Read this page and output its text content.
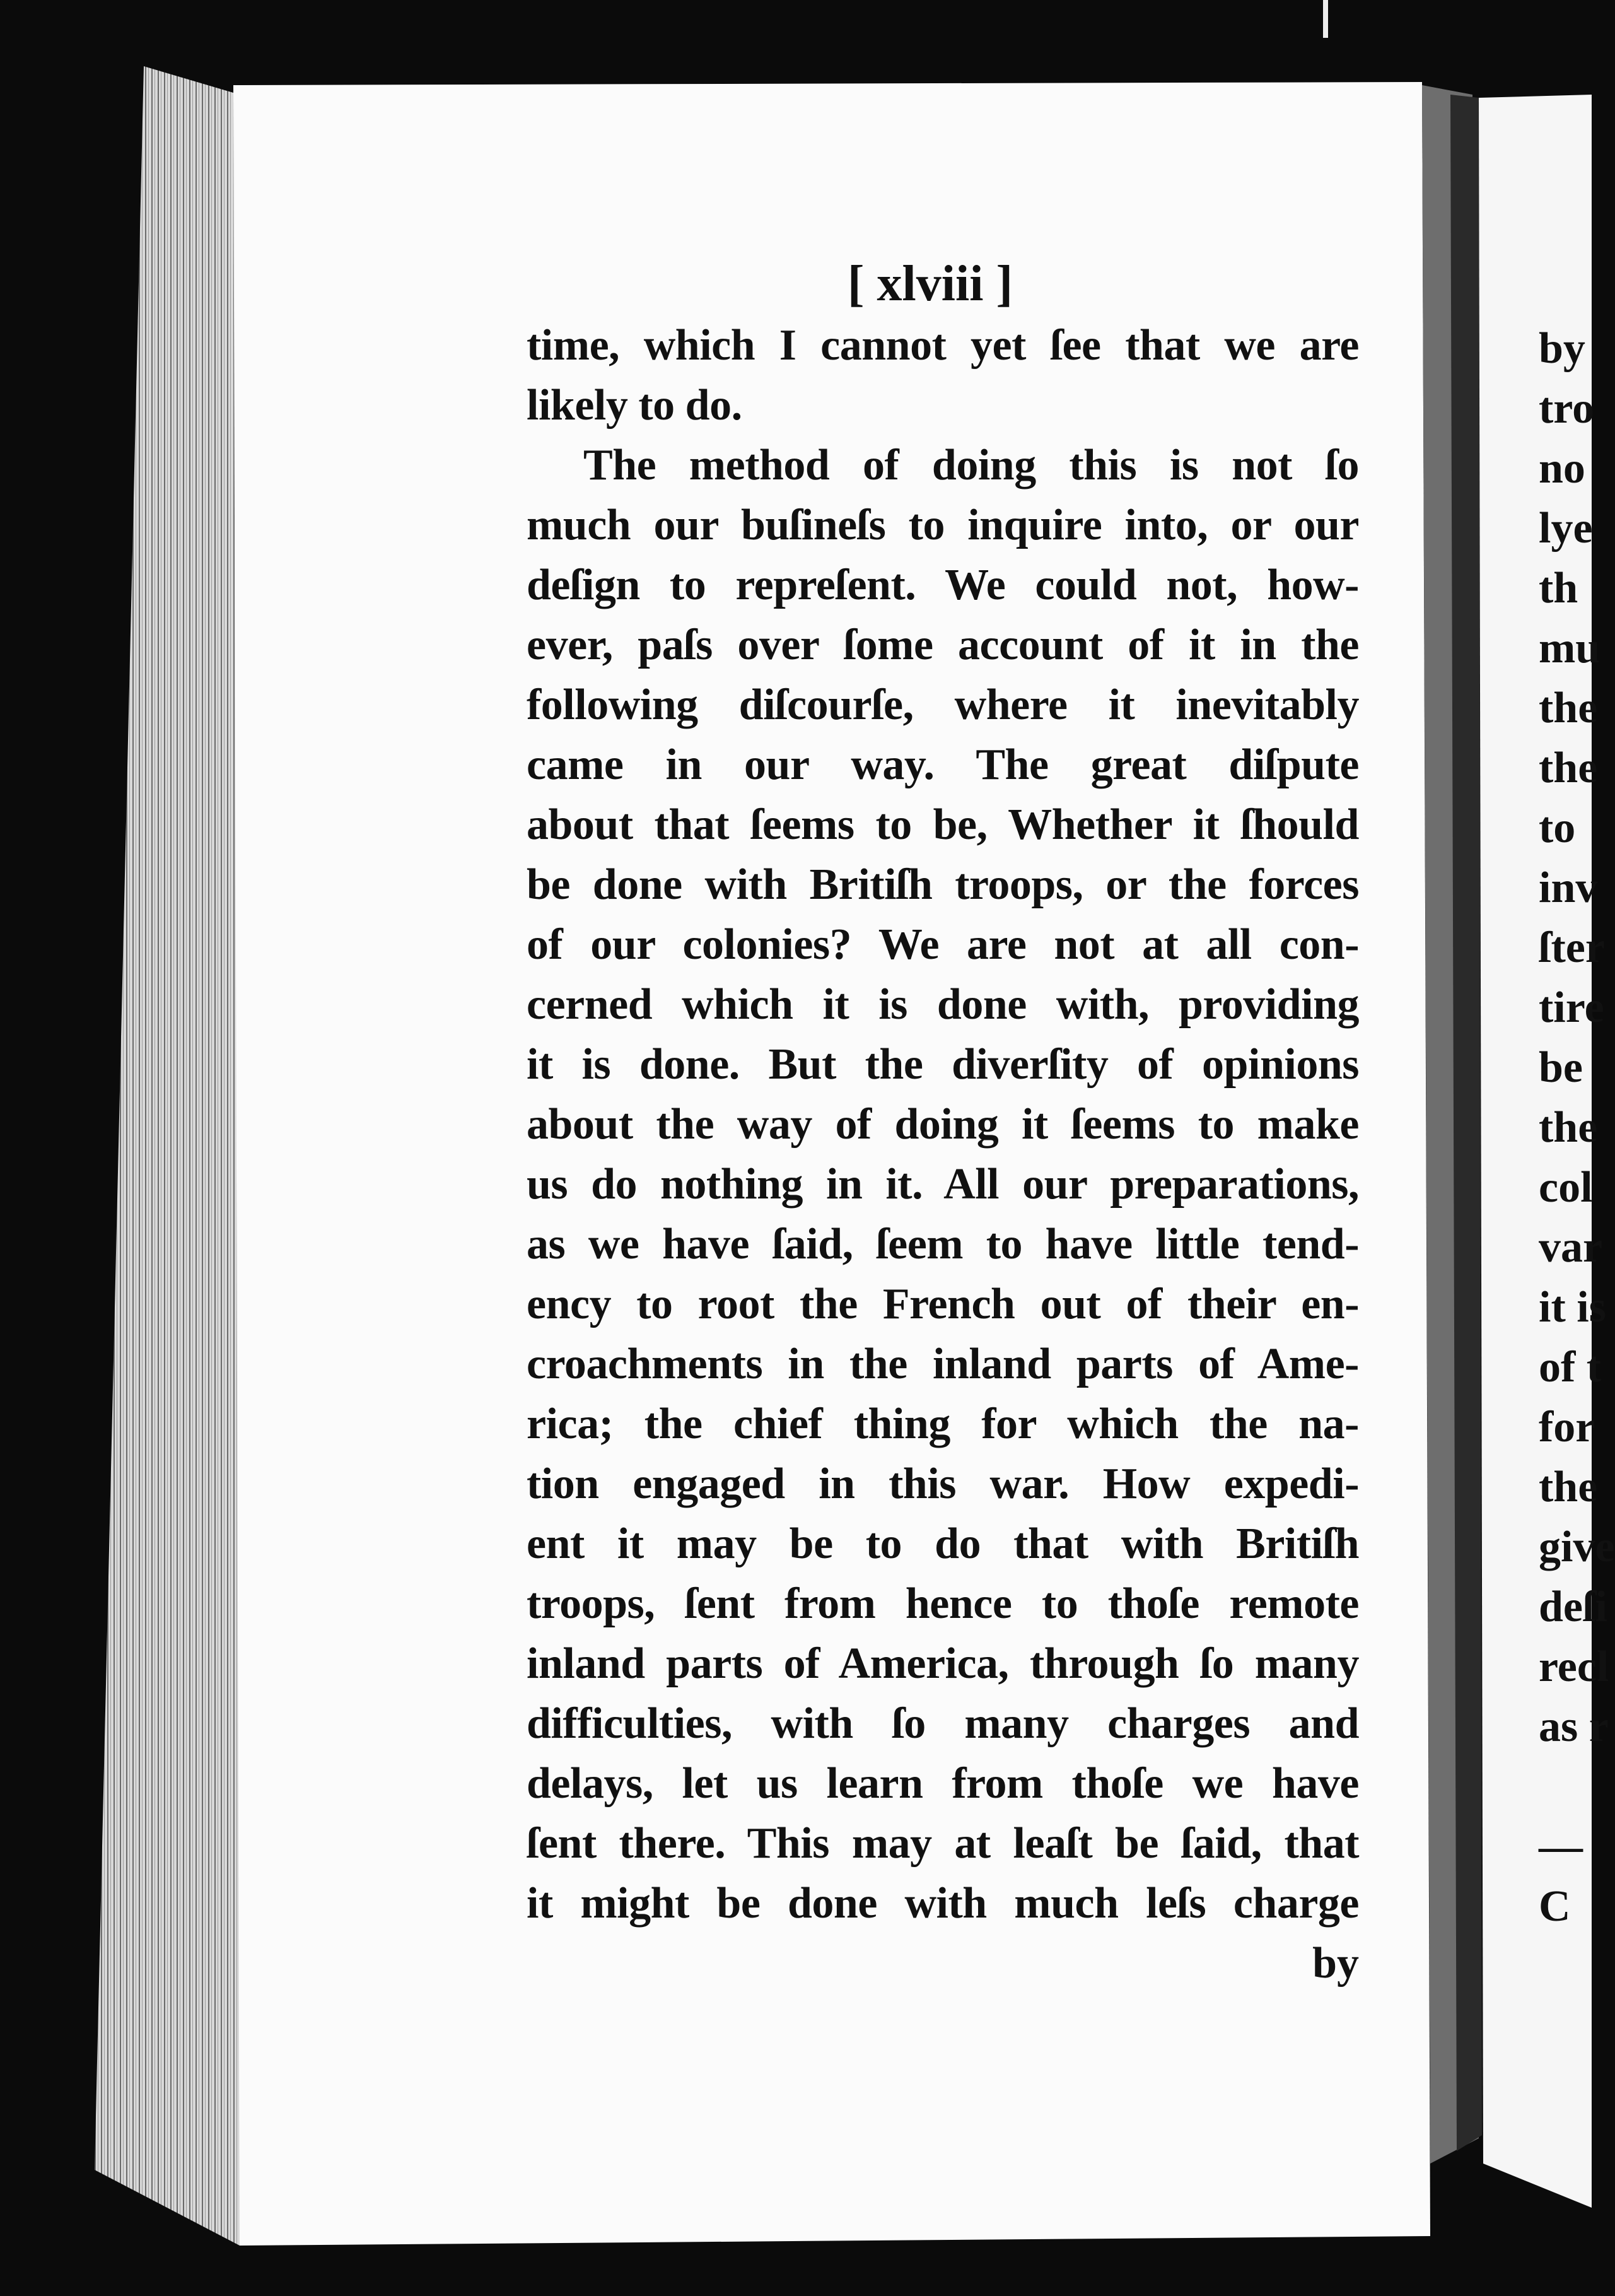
[ xlviii ]
time, which I cannot yet ſee that we are
likely to do.
The method of doing this is not ſo
much our buſineſs to inquire into, or our
deſign to repreſent. We could not, how-
ever, paſs over ſome account of it in the
following diſcourſe, where it inevitably
came in our way. The great diſpute
about that ſeems to be, Whether it ſhould
be done with Britiſh troops, or the forces
of our colonies? We are not at all con-
cerned which it is done with, providing
it is done. But the diverſity of opinions
about the way of doing it ſeems to make
us do nothing in it. All our preparations,
as we have ſaid, ſeem to have little tend-
ency to root the French out of their en-
croachments in the inland parts of Ame-
rica; the chief thing for which the na-
tion engaged in this war. How expedi-
ent it may be to do that with Britiſh
troops, ſent from hence to thoſe remote
inland parts of America, through ſo many
difficulties, with ſo many charges and
delays, let us learn from thoſe we have
ſent there. This may at leaſt be ſaid, that
it might be done with much leſs charge
by
by
tro
no
lye
th
mu
the
the
to
inv
ſter
tire
be
the
col
var
it is
of t
for
the
give
deſi
recl
as r
—
C
